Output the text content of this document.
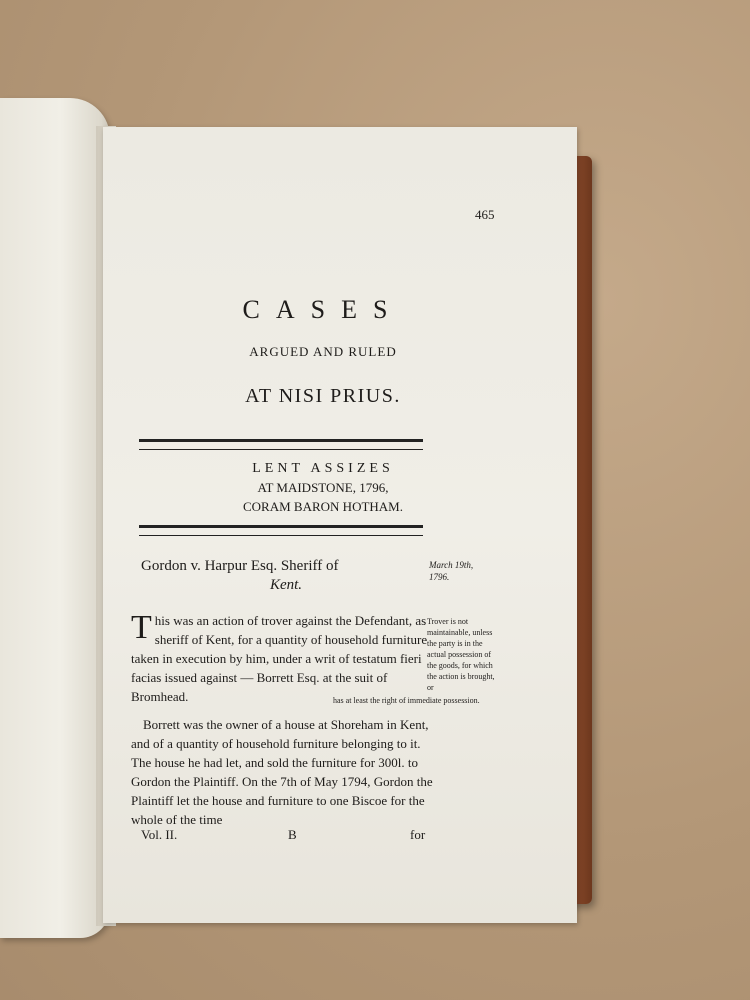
465
CASES
ARGUED AND RULED
AT NISI PRIUS.
LENT ASSIZES
AT MAIDSTONE, 1796,
CORAM BARON HOTHAM.
Gordon v. Harpur Esq. Sheriff of
Kent.
March 19th,
1796.
T his was an action of trover against the Defendant, as sheriff of Kent, for a quantity of household furniture taken in execution by him, under a writ of testatum fieri facias issued against — Borrett Esq. at the suit of Bromhead.
Trover is not maintainable, unless the party is in the actual possession of the goods, for which the action is brought, or
has at least the right of immediate possession.
Borrett was the owner of a house at Shoreham in Kent, and of a quantity of household furniture belonging to it. The house he had let, and sold the furniture for 300l. to Gordon the Plaintiff. On the 7th of May 1794, Gordon the Plaintiff let the house and furniture to one Biscoe for the whole of the time
Vol. II.	B	for
